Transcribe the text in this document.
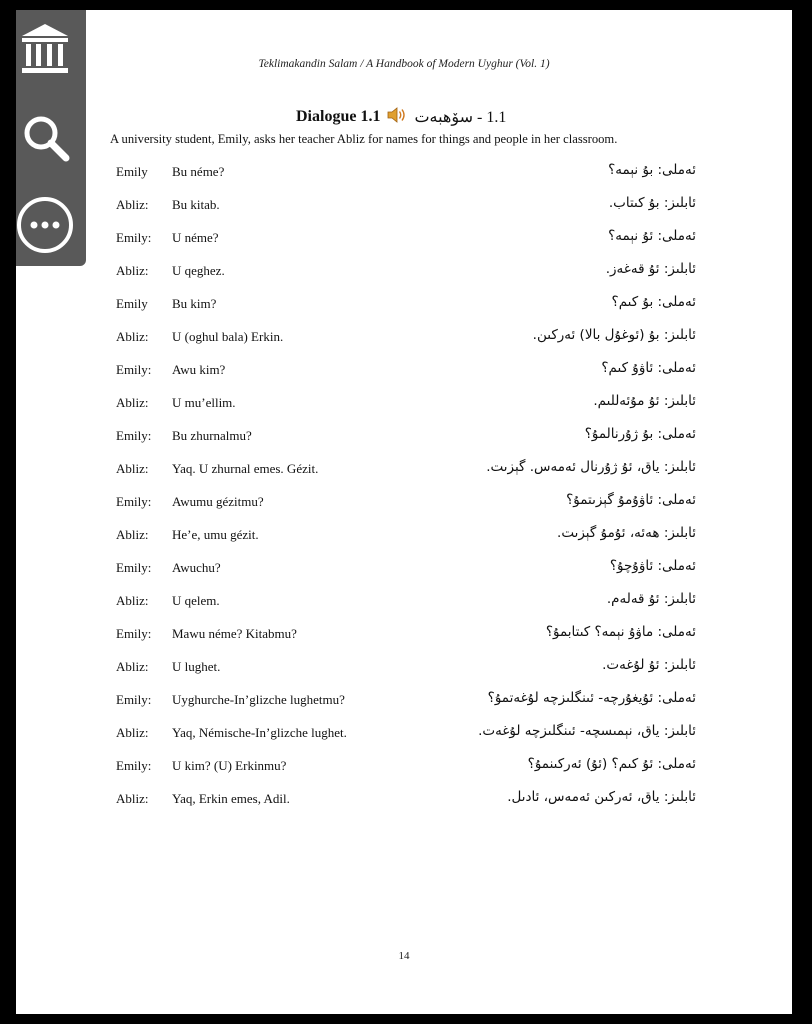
Teklimakandin Salam / A Handbook of Modern Uyghur (Vol. 1)
Dialogue 1.1 1.1 - سۆھبەت
A university student, Emily, asks her teacher Abliz for names for things and people in her classroom.
Emily Bu néme?	ئەملى: بۇ نېمە؟
Abliz: Bu kitab.	ئابلىز: بۇ كىتاب.
Emily: U néme?	ئەملى: ئۇ نېمە؟
Abliz: U qeghez.	ئابلىز: ئۇ قەغەز.
Emily Bu kim?	ئەملى: بۇ كىم؟
Abliz: U (oghul bala) Erkin.	ئابلىز: بۇ (ئوغۇل بالا) ئەركىن.
Emily: Awu kim?	ئەملى: ئاۋۇ كىم؟
Abliz: U mu’ellim.	ئابلىز: ئۇ مۇئەللىم.
Emily: Bu zhurnalmu?	ئەملى: بۇ ژۇرنالمۇ؟
Abliz: Yaq. U zhurnal emes. Gézit.	ئابلىز: ياق، ئۇ ژۇرنال ئەمەس. گېزىت.
Emily: Awumu gézitmu?	ئەملى: ئاۋۇمۇ گېزىتمۇ؟
Abliz: He’e, umu gézit.	ئابلىز: ھەئە، ئۇمۇ گېزىت.
Emily: Awuchu?	ئەملى: ئاۋۇچۇ؟
Abliz: U qelem.	ئابلىز: ئۇ قەلەم.
Emily: Mawu néme? Kitabmu?	ئەملى: ماۋۇ نېمە؟ كىتابمۇ؟
Abliz: U lughet.	ئابلىز: ئۇ لۇغەت.
Emily: Uyghurche-In’glizche lughetmu?	ئەملى: ئۇيغۇرچە- ئىنگلىزچە لۇغەتمۇ؟
Abliz: Yaq, Némische-In’glizche lughet.	ئابلىز: ياق، نېمىسچە- ئىنگلىزچە لۇغەت.
Emily: U kim? (U) Erkinmu?	ئەملى: ئۇ كىم؟ (ئۇ) ئەركىنمۇ؟
Abliz: Yaq, Erkin emes, Adil.	ئابلىز: ياق، ئەركىن ئەمەس، ئادىل.
14
